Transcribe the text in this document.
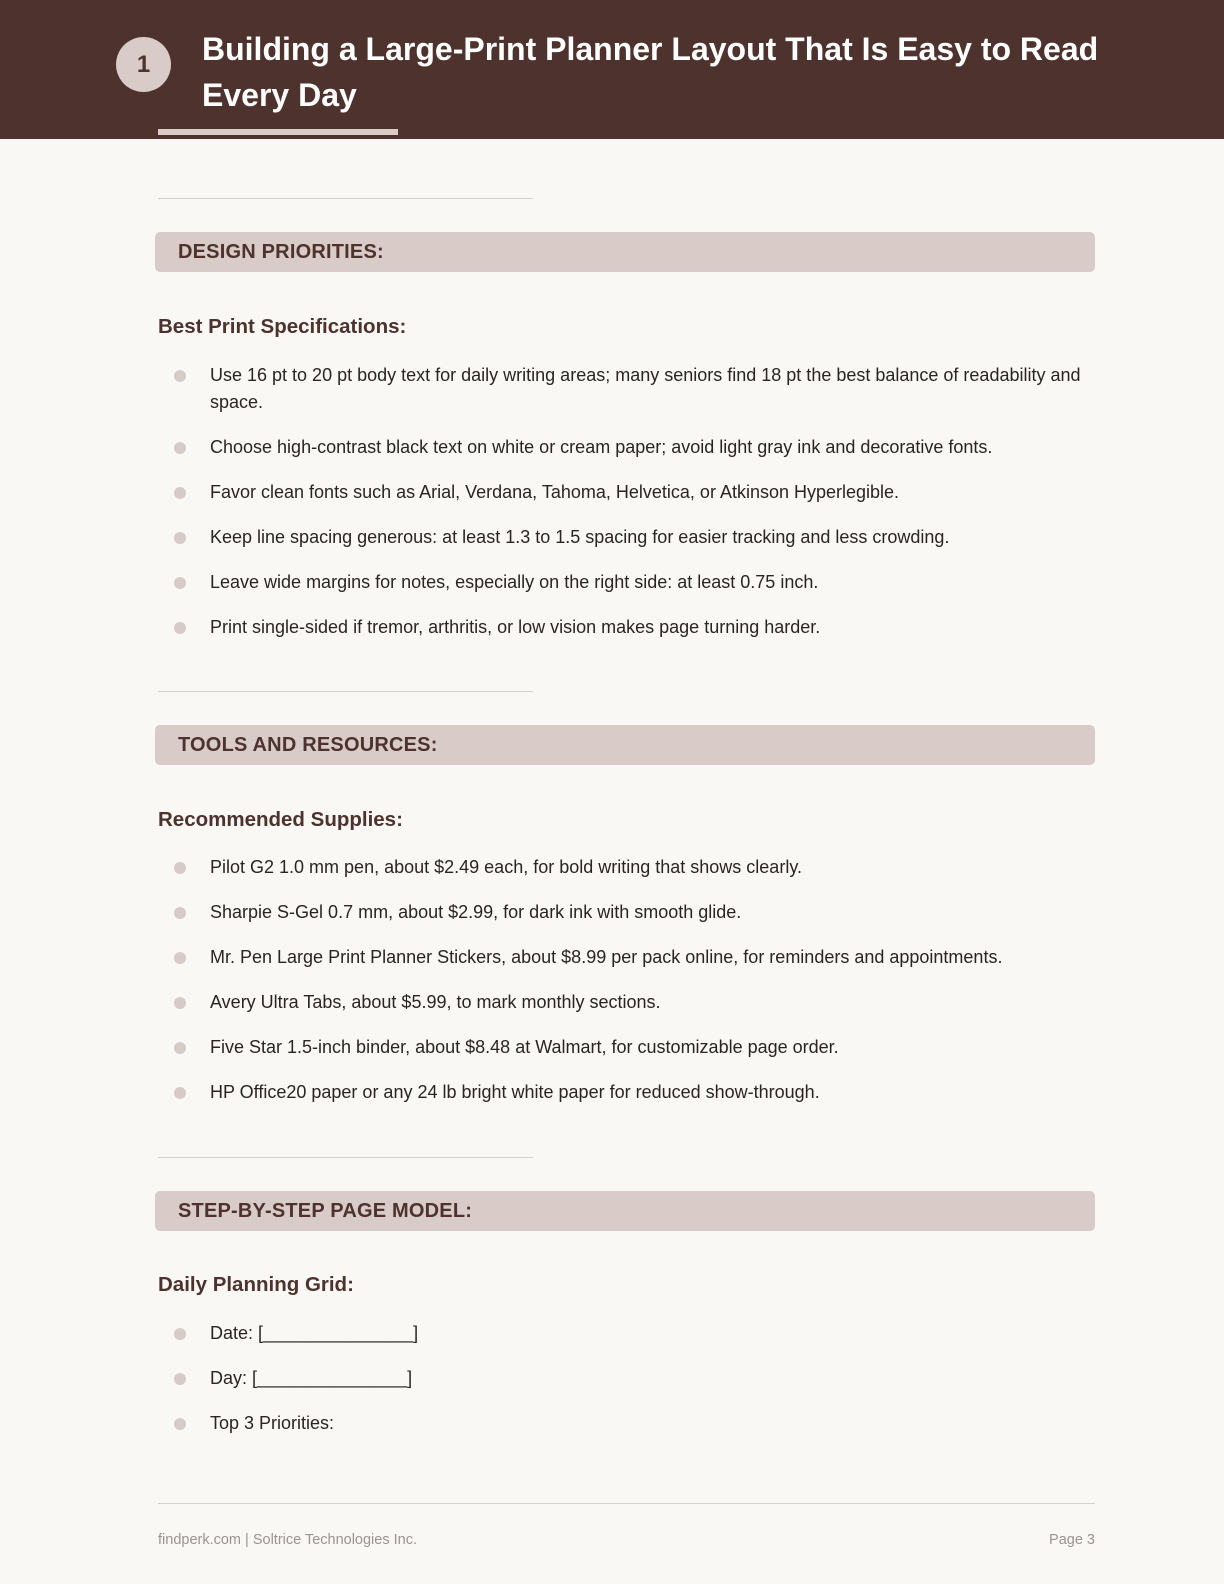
1	Building a Large-Print Planner Layout That Is Easy to Read Every Day
DESIGN PRIORITIES:
Best Print Specifications:
Use 16 pt to 20 pt body text for daily writing areas; many seniors find 18 pt the best balance of readability and space.
Choose high-contrast black text on white or cream paper; avoid light gray ink and decorative fonts.
Favor clean fonts such as Arial, Verdana, Tahoma, Helvetica, or Atkinson Hyperlegible.
Keep line spacing generous: at least 1.3 to 1.5 spacing for easier tracking and less crowding.
Leave wide margins for notes, especially on the right side: at least 0.75 inch.
Print single-sided if tremor, arthritis, or low vision makes page turning harder.
TOOLS AND RESOURCES:
Recommended Supplies:
Pilot G2 1.0 mm pen, about $2.49 each, for bold writing that shows clearly.
Sharpie S-Gel 0.7 mm, about $2.99, for dark ink with smooth glide.
Mr. Pen Large Print Planner Stickers, about $8.99 per pack online, for reminders and appointments.
Avery Ultra Tabs, about $5.99, to mark monthly sections.
Five Star 1.5-inch binder, about $8.48 at Walmart, for customizable page order.
HP Office20 paper or any 24 lb bright white paper for reduced show-through.
STEP-BY-STEP PAGE MODEL:
Daily Planning Grid:
Date: [_______________]
Day: [_______________]
Top 3 Priorities:
findperk.com | Soltrice Technologies Inc.	Page 3
